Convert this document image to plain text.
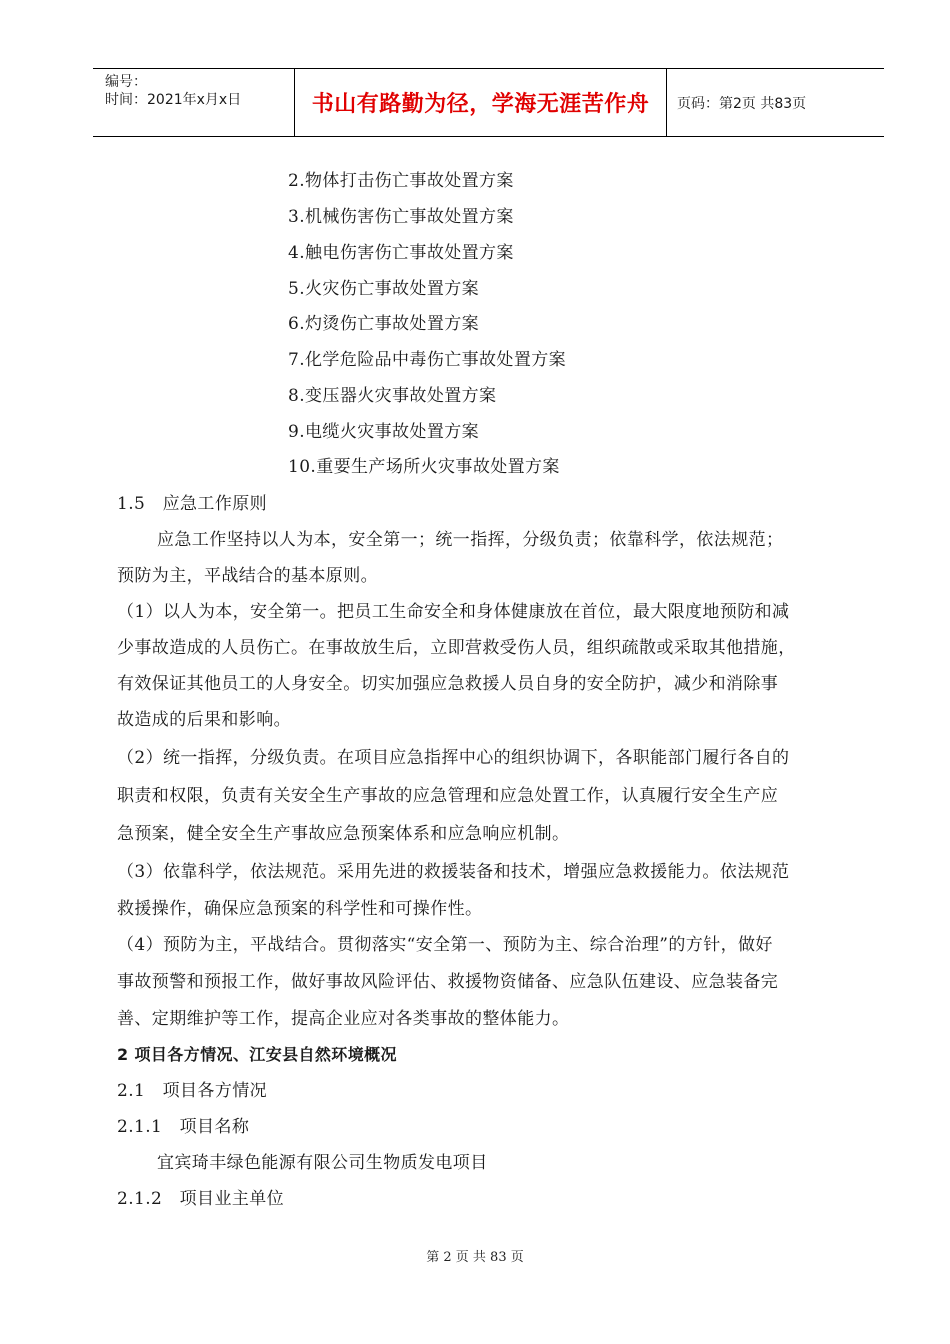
编号：
时间：2021年x月x日	书山有路勤为径，学海无涯苦作舟	页码：第2页 共83页
2.物体打击伤亡事故处置方案
3.机械伤害伤亡事故处置方案
4.触电伤害伤亡事故处置方案
5.火灾伤亡事故处置方案
6.灼烫伤亡事故处置方案
7.化学危险品中毒伤亡事故处置方案
8.变压器火灾事故处置方案
9.电缆火灾事故处置方案
10.重要生产场所火灾事故处置方案
1.5　应急工作原则
应急工作坚持以人为本，安全第一；统一指挥，分级负责；依靠科学，依法规范；
预防为主，平战结合的基本原则。
（1）以人为本，安全第一。把员工生命安全和身体健康放在首位，最大限度地预防和减
少事故造成的人员伤亡。在事故放生后，立即营救受伤人员，组织疏散或采取其他措施，
有效保证其他员工的人身安全。切实加强应急救援人员自身的安全防护，减少和消除事
故造成的后果和影响。
（2）统一指挥，分级负责。在项目应急指挥中心的组织协调下，各职能部门履行各自的
职责和权限，负责有关安全生产事故的应急管理和应急处置工作，认真履行安全生产应
急预案，健全安全生产事故应急预案体系和应急响应机制。
（3）依靠科学，依法规范。采用先进的救援装备和技术，增强应急救援能力。依法规范
救援操作，确保应急预案的科学性和可操作性。
（4）预防为主，平战结合。贯彻落实“安全第一、预防为主、综合治理”的方针，做好
事故预警和预报工作，做好事故风险评估、救援物资储备、应急队伍建设、应急装备完
善、定期维护等工作，提高企业应对各类事故的整体能力。
2 项目各方情况、江安县自然环境概况
2.1　项目各方情况
2.1.1　项目名称
宜宾琦丰绿色能源有限公司生物质发电项目
2.1.2　项目业主单位
第 2 页 共 83 页
